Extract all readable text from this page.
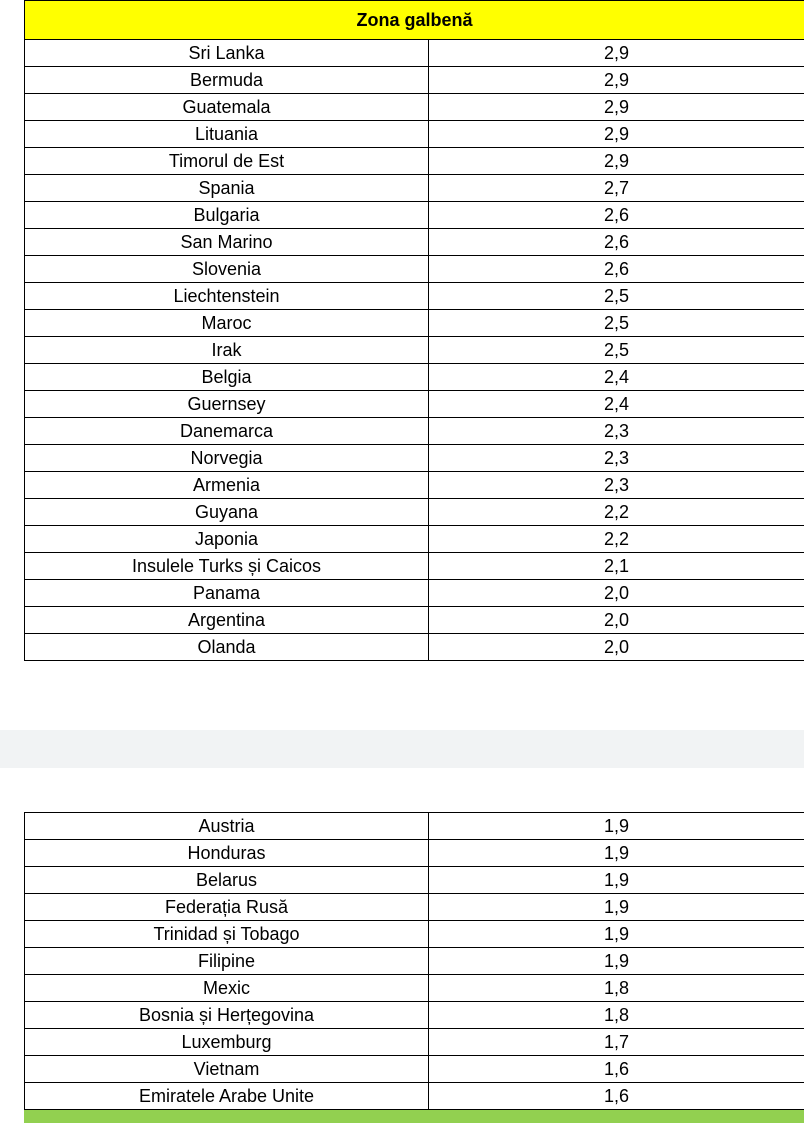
Zona galbenă	
Sri Lanka	2,9
Bermuda	2,9
Guatemala	2,9
Lituania	2,9
Timorul de Est	2,9
Spania	2,7
Bulgaria	2,6
San Marino	2,6
Slovenia	2,6
Liechtenstein	2,5
Maroc	2,5
Irak	2,5
Belgia	2,4
Guernsey	2,4
Danemarca	2,3
Norvegia	2,3
Armenia	2,3
Guyana	2,2
Japonia	2,2
Insulele Turks și Caicos	2,1
Panama	2,0
Argentina	2,0
Olanda	2,0
Austria	1,9
Honduras	1,9
Belarus	1,9
Federația Rusă	1,9
Trinidad și Tobago	1,9
Filipine	1,9
Mexic	1,8
Bosnia și Herțegovina	1,8
Luxemburg	1,7
Vietnam	1,6
Emiratele Arabe Unite	1,6
